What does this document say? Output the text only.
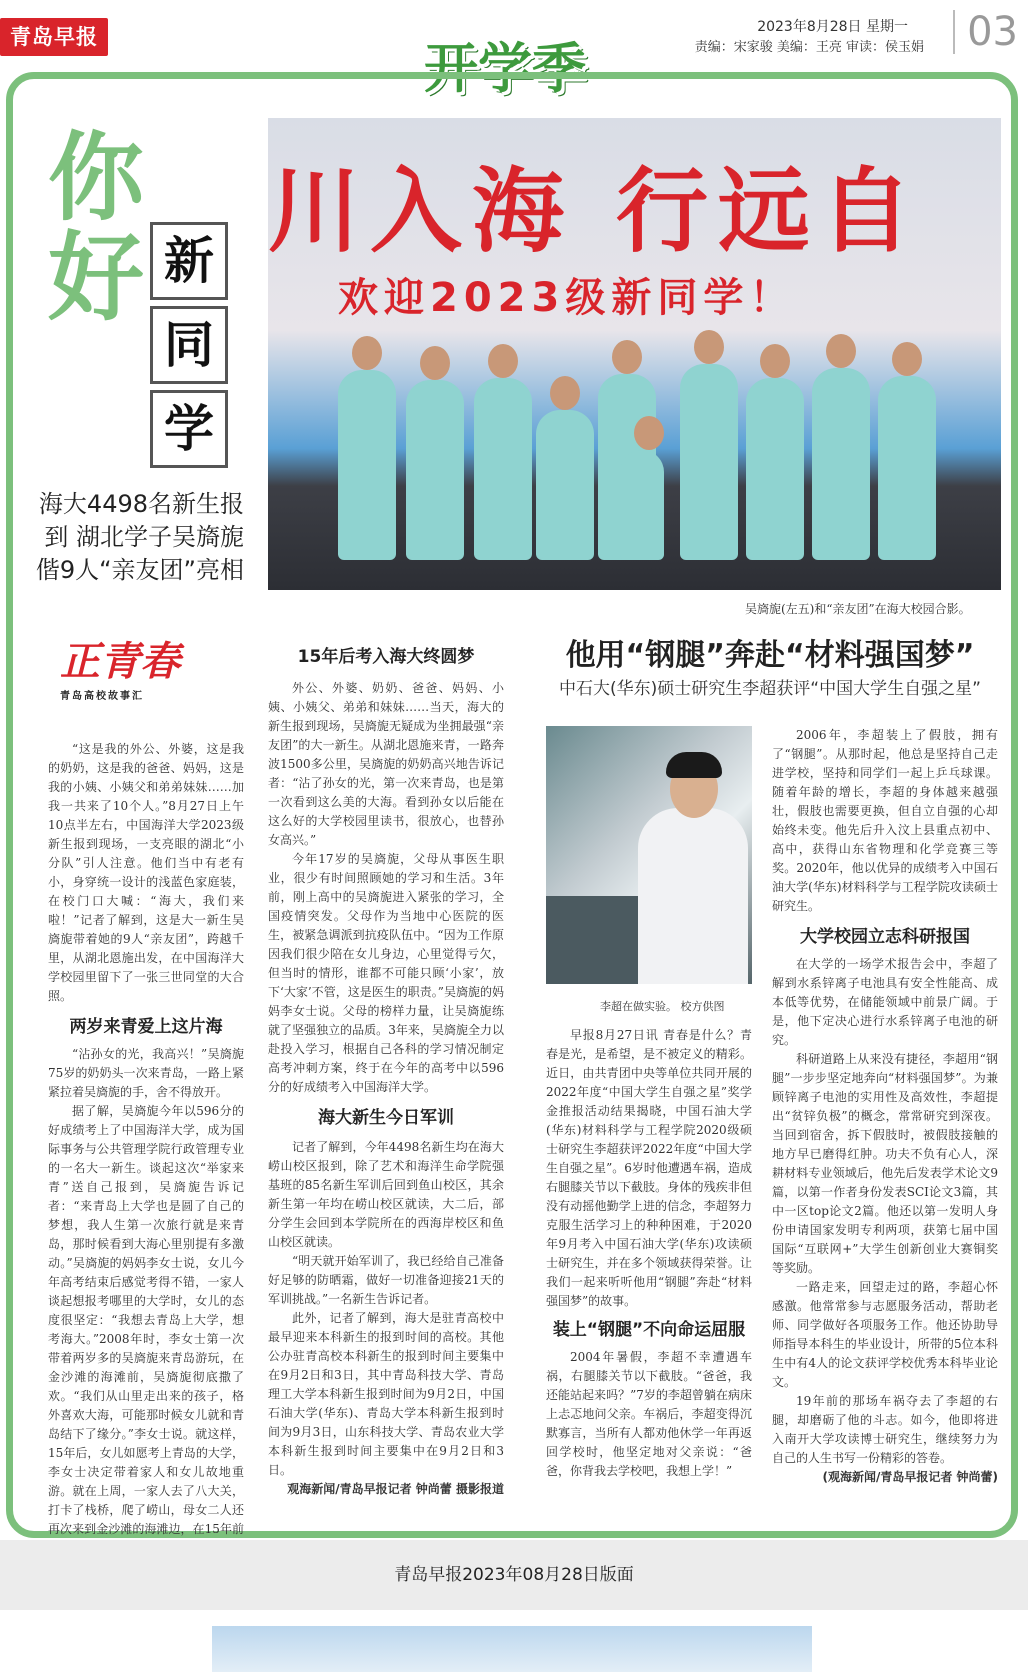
青岛早报	开学季
2023年8月28日 星期一
责编：宋家骏 美编：王亮 审读：侯玉娟	03
你好 新
同
学
海大4498名新生报到 湖北学子吴旖旎偕9人“亲友团”亮相
川入海 行远自
欢迎2023级新同学！
吴旖旎(左五)和“亲友团”在海大校园合影。
正青春
青岛高校故事汇

“这是我的外公、外婆，这是我的奶奶，这是我的爸爸、妈妈，这是我的小姨、小姨父和弟弟妹妹……加我一共来了10个人。”8月27日上午10点半左右，中国海洋大学2023级新生报到现场，一支亮眼的湖北“小分队”引人注意。他们当中有老有小，身穿统一设计的浅蓝色家庭装，在校门口大喊：“海大，我们来啦！”记者了解到，这是大一新生吴旖旎带着她的9人“亲友团”，跨越千里，从湖北恩施出发，在中国海洋大学校园里留下了一张三世同堂的大合照。

两岁来青爱上这片海

“沾孙女的光，我高兴！”吴旖旎75岁的奶奶头一次来青岛，一路上紧紧拉着吴旖旎的手，舍不得放开。

据了解，吴旖旎今年以596分的好成绩考上了中国海洋大学，成为国际事务与公共管理学院行政管理专业的一名大一新生。谈起这次“举家来青”送自己报到，吴旖旎告诉记者：“来青岛上大学也是圆了自己的梦想，我人生第一次旅行就是来青岛，那时候看到大海心里别提有多激动。”吴旖旎的妈妈李女士说，女儿今年高考结束后感觉考得不错，一家人谈起想报考哪里的大学时，女儿的态度很坚定：“我想去青岛上大学，想考海大。”2008年时，李女士第一次带着两岁多的吴旖旎来青岛游玩，在金沙滩的海滩前，吴旖旎彻底撒了欢。“我们从山里走出来的孩子，格外喜欢大海，可能那时候女儿就和青岛结下了缘分。”李女士说。就这样，15年后，女儿如愿考上青岛的大学，李女士决定带着家人和女儿故地重游。就在上周，一家人去了八大关，打卡了栈桥，爬了崂山，母女二人还再次来到金沙滩的海滩边，在15年前

15年后考入海大终圆梦

外公、外婆、奶奶、爸爸、妈妈、小姨、小姨父、弟弟和妹妹……当天，海大的新生报到现场，吴旖旎无疑成为坐拥最强“亲友团”的大一新生。从湖北恩施来青，一路奔波1500多公里，吴旖旎的奶奶高兴地告诉记者：“沾了孙女的光，第一次来青岛，也是第一次看到这么美的大海。看到孙女以后能在这么好的大学校园里读书，很放心，也替孙女高兴。”

今年17岁的吴旖旎，父母从事医生职业，很少有时间照顾她的学习和生活。3年前，刚上高中的吴旖旎进入紧张的学习，全国疫情突发。父母作为当地中心医院的医生，被紧急调派到抗疫队伍中。“因为工作原因我们很少陪在女儿身边，心里觉得亏欠，但当时的情形，谁都不可能只顾‘小家’，放下‘大家’不管，这是医生的职责。”吴旖旎的妈妈李女士说。父母的榜样力量，让吴旖旎练就了坚强独立的品质。3年来，吴旖旎全力以赴投入学习，根据自己各科的学习情况制定高考冲刺方案，终于在今年的高考中以596分的好成绩考入中国海洋大学。

海大新生今日军训

记者了解到，今年4498名新生均在海大崂山校区报到，除了艺术和海洋生命学院强基班的85名新生军训后回到鱼山校区，其余新生第一年均在崂山校区就读，大二后，部分学生会回到本学院所在的西海岸校区和鱼山校区就读。

“明天就开始军训了，我已经给自己准备好足够的防晒霜，做好一切准备迎接21天的军训挑战。”一名新生告诉记者。

此外，记者了解到，海大是驻青高校中最早迎来本科新生的报到时间的高校。其他公办驻青高校本科新生的报到时间主要集中在9月2日和3日，其中青岛科技大学、青岛理工大学本科新生报到时间为9月2日，中国石油大学(华东)、青岛大学本科新生报到时间为9月3日，山东科技大学、青岛农业大学本科新生报到时间主要集中在9月2日和3日。

观海新闻/青岛早报记者 钟尚蕾 摄影报道
他用“钢腿”奔赴“材料强国梦”
中石大(华东)硕士研究生李超获评“中国大学生自强之星”
李超在做实验。 校方供图

早报8月27日讯 青春是什么？青春是光，是希望，是不被定义的精彩。近日，由共青团中央等单位共同开展的2022年度“中国大学生自强之星”奖学金推报活动结果揭晓，中国石油大学(华东)材料科学与工程学院2020级硕士研究生李超获评2022年度“中国大学生自强之星”。6岁时他遭遇车祸，造成右腿膝关节以下截肢。身体的残疾非但没有动摇他勤学上进的信念，李超努力克服生活学习上的种种困难，于2020年9月考入中国石油大学(华东)攻读硕士研究生，并在多个领域获得荣誉。让我们一起来听听他用“钢腿”奔赴“材料强国梦”的故事。

装上“钢腿”不向命运屈服

2004年暑假，李超不幸遭遇车祸，右腿膝关节以下截肢。“爸爸，我还能站起来吗？”7岁的李超曾躺在病床上忐忑地问父亲。车祸后，李超变得沉默寡言，当所有人都劝他休学一年再返回学校时，他坚定地对父亲说：“爸爸，你背我去学校吧，我想上学！”

2006年，李超装上了假肢，拥有了“钢腿”。从那时起，他总是坚持自己走进学校，坚持和同学们一起上乒乓球课。随着年龄的增长，李超的身体越来越强壮，假肢也需要更换，但自立自强的心却始终未变。他先后升入汶上县重点初中、高中，获得山东省物理和化学竞赛三等奖。2020年，他以优异的成绩考入中国石油大学(华东)材料科学与工程学院攻读硕士研究生。

大学校园立志科研报国

在大学的一场学术报告会中，李超了解到水系锌离子电池具有安全性能高、成本低等优势，在储能领域中前景广阔。于是，他下定决心进行水系锌离子电池的研究。

科研道路上从来没有捷径，李超用“钢腿”一步步坚定地奔向“材料强国梦”。为兼顾锌离子电池的实用性及高效性，李超提出“贫锌负极”的概念，常常研究到深夜。当回到宿舍，拆下假肢时，被假肢接触的地方早已磨得红肿。功夫不负有心人，深耕材料专业领域后，他先后发表学术论文9篇，以第一作者身份发表SCI论文3篇，其中一区top论文2篇。他还以第一发明人身份申请国家发明专利两项，获第七届中国国际“互联网+”大学生创新创业大赛铜奖等奖励。

一路走来，回望走过的路，李超心怀感激。他常常参与志愿服务活动，帮助老师、同学做好各项服务工作。他还协助导师指导本科生的毕业设计，所带的5位本科生中有4人的论文获评学校优秀本科毕业论文。

19年前的那场车祸夺去了李超的右腿，却磨砺了他的斗志。如今，他即将进入南开大学攻读博士研究生，继续努力为自己的人生书写一份精彩的答卷。

(观海新闻/青岛早报记者 钟尚蕾)
青岛早报2023年08月28日版面
